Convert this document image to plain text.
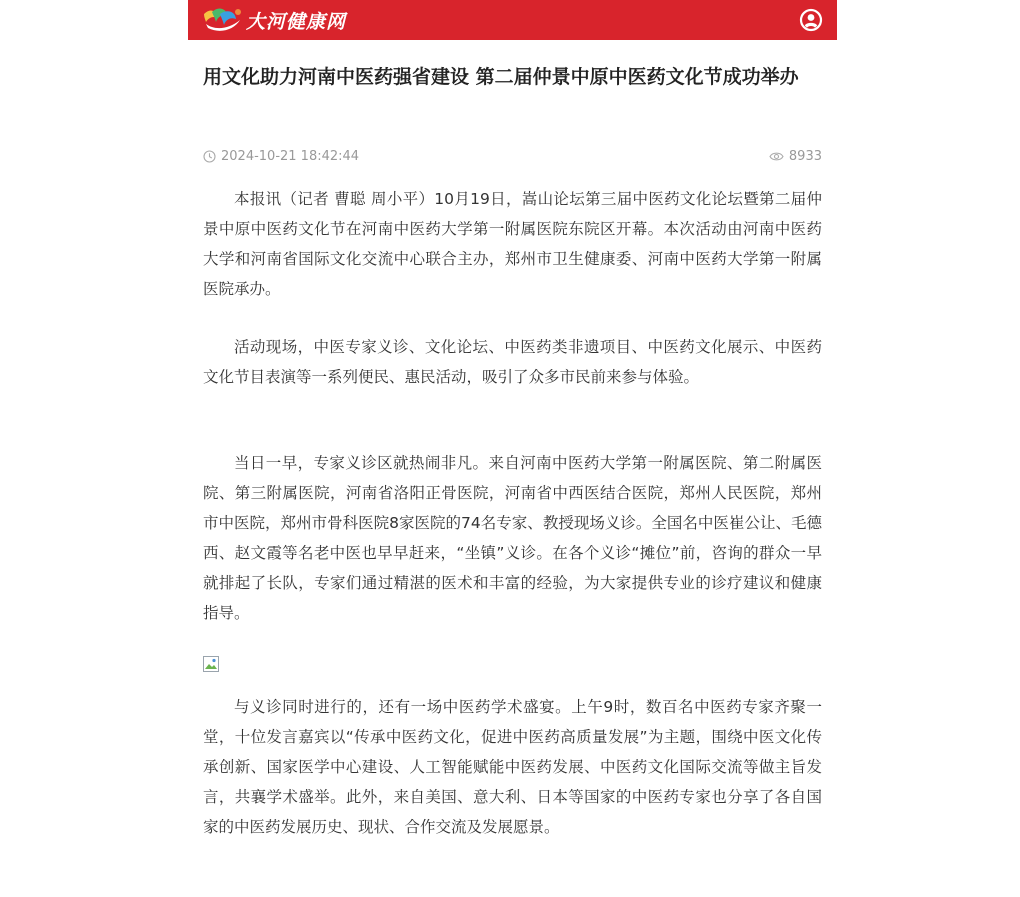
大河健康网
用文化助力河南中医药强省建设 第二届仲景中原中医药文化节成功举办
2024-10-21 18:42:44	8933

本报讯（记者 曹聪 周小平）10月19日，嵩山论坛第三届中医药文化论坛暨第二届仲景中原中医药文化节在河南中医药大学第一附属医院东院区开幕。本次活动由河南中医药大学和河南省国际文化交流中心联合主办，郑州市卫生健康委、河南中医药大学第一附属医院承办。

活动现场，中医专家义诊、文化论坛、中医药类非遗项目、中医药文化展示、中医药文化节目表演等一系列便民、惠民活动，吸引了众多市民前来参与体验。

当日一早，专家义诊区就热闹非凡。来自河南中医药大学第一附属医院、第二附属医院、第三附属医院，河南省洛阳正骨医院，河南省中西医结合医院，郑州人民医院，郑州市中医院，郑州市骨科医院8家医院的74名专家、教授现场义诊。全国名中医崔公让、毛德西、赵文霞等名老中医也早早赶来，“坐镇”义诊。在各个义诊“摊位”前，咨询的群众一早就排起了长队，专家们通过精湛的医术和丰富的经验，为大家提供专业的诊疗建议和健康指导。

与义诊同时进行的，还有一场中医药学术盛宴。上午9时，数百名中医药专家齐聚一堂，十位发言嘉宾以“传承中医药文化，促进中医药高质量发展”为主题，围绕中医文化传承创新、国家医学中心建设、人工智能赋能中医药发展、中医药文化国际交流等做主旨发言，共襄学术盛举。此外，来自美国、意大利、日本等国家的中医药专家也分享了各自国家的中医药发展历史、现状、合作交流及发展愿景。
